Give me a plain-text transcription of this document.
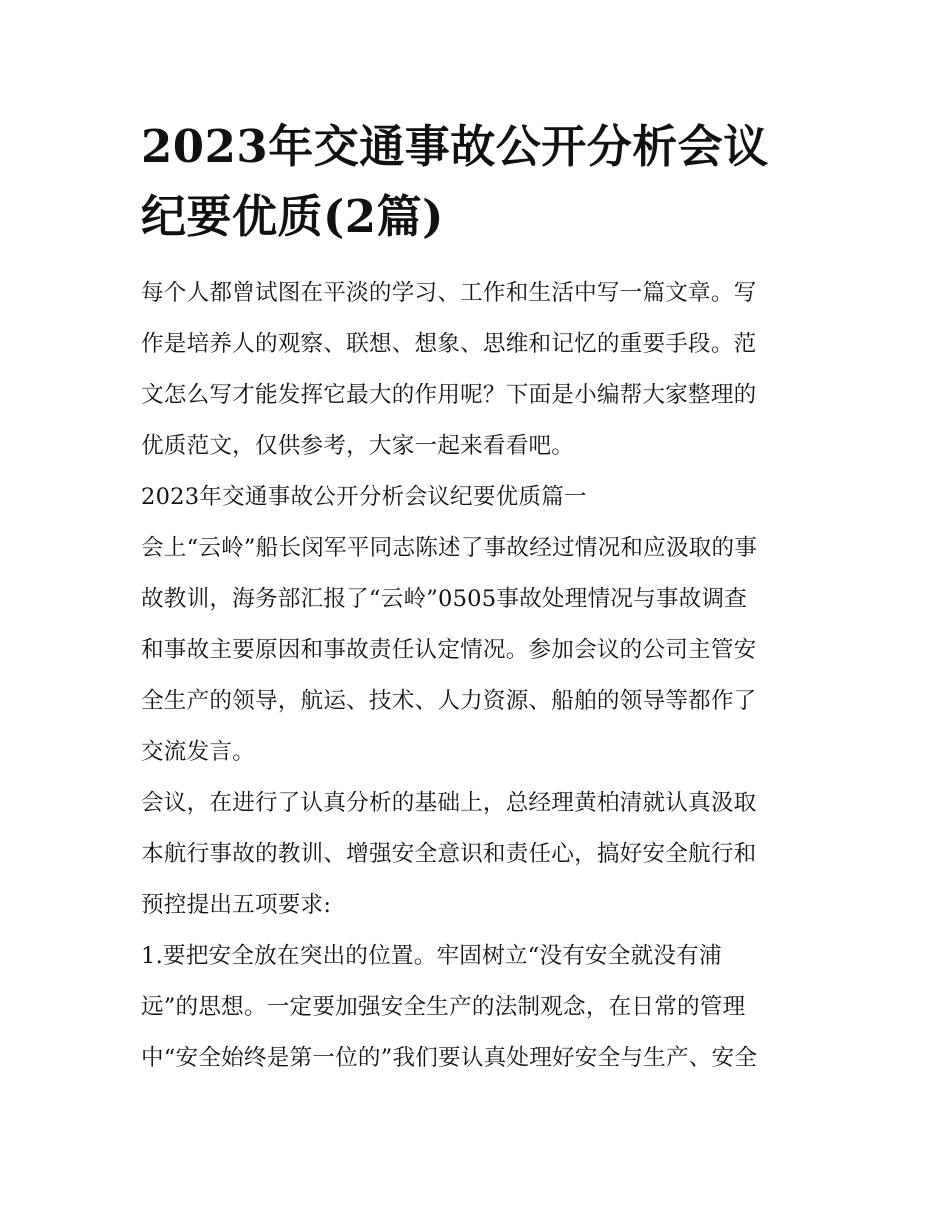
2023年交通事故公开分析会议
纪要优质(2篇)
每个人都曾试图在平淡的学习、工作和生活中写一篇文章。写
作是培养人的观察、联想、想象、思维和记忆的重要手段。范
文怎么写才能发挥它最大的作用呢？下面是小编帮大家整理的
优质范文，仅供参考，大家一起来看看吧。
2023年交通事故公开分析会议纪要优质篇一
会上“云岭”船长闵军平同志陈述了事故经过情况和应汲取的事
故教训，海务部汇报了“云岭”0505事故处理情况与事故调查
和事故主要原因和事故责任认定情况。参加会议的公司主管安
全生产的领导，航运、技术、人力资源、船舶的领导等都作了
交流发言。
会议，在进行了认真分析的基础上，总经理黄柏清就认真汲取
本航行事故的教训、增强安全意识和责任心，搞好安全航行和
预控提出五项要求:
1.要把安全放在突出的位置。牢固树立“没有安全就没有浦
远”的思想。一定要加强安全生产的法制观念，在日常的管理
中“安全始终是第一位的”我们要认真处理好安全与生产、安全
